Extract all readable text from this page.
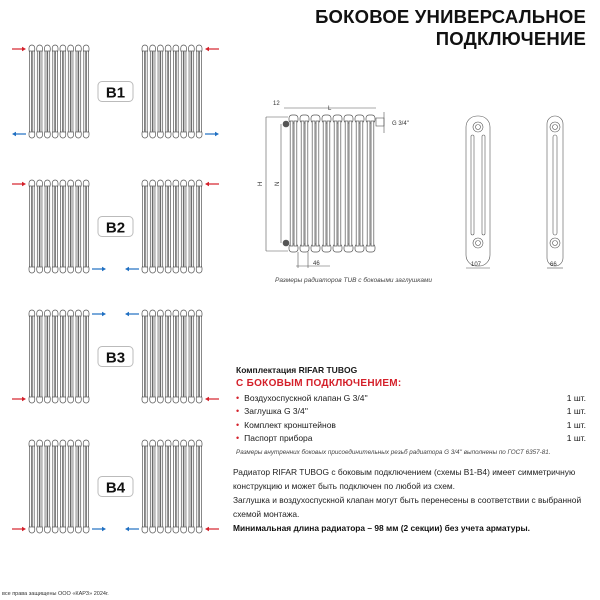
БОКОВОЕ УНИВЕРСАЛЬНОЕ
ПОДКЛЮЧЕНИЕ
12
L
G 3/4''
H N
46	107	66
B1
B2
B3
B4
Размеры радиаторов TUB с боковыми заглушками
Комплектация RIFAR TUBOG
С БОКОВЫМ ПОДКЛЮЧЕНИЕМ:
• Воздухоспускной клапан G 3/4''	1 шт.
• Заглушка G 3/4''	1 шт.
• Комплект кронштейнов	1 шт.
• Паспорт прибора	1 шт.
Размеры внутренних боковых присоединительных резьб радиатора G 3/4'' выполнены по ГОСТ 6357-81.
Радиатор RIFAR TUBOG с боковым подключением (схемы B1-B4) имеет симметричную конструкцию и может быть подключен по любой из схем.
Заглушка и воздухоспускной клапан могут быть перенесены в соответствии с выбранной схемой монтажа.
Минимальная длина радиатора – 98 мм (2 секции) без учета арматуры.
все права защищены ООО «КАРЗ» 2024г.
